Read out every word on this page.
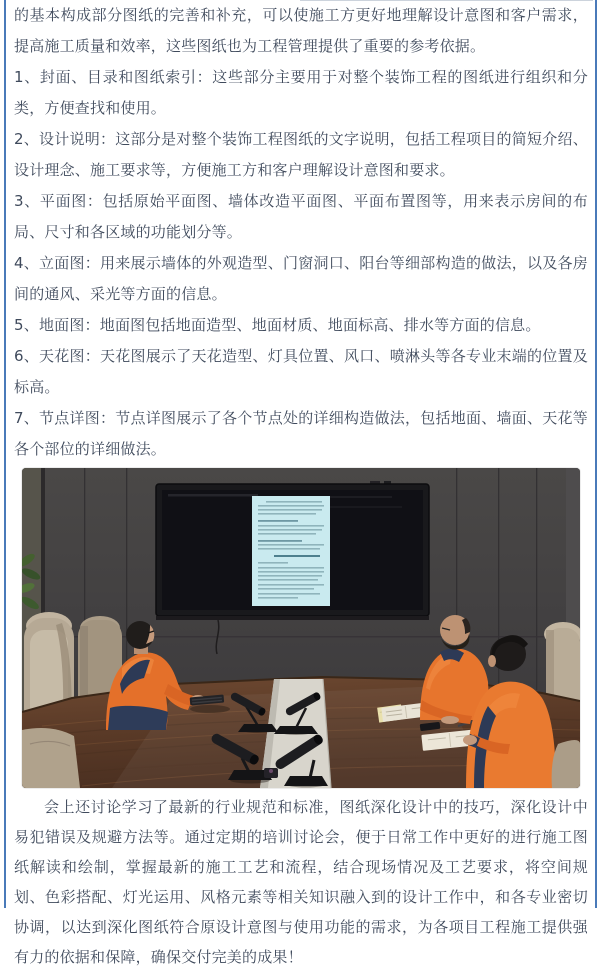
的基本构成部分图纸的完善和补充，可以使施工方更好地理解设计意图和客户需求，提高施工质量和效率，这些图纸也为工程管理提供了重要的参考依据。

1、封面、目录和图纸索引：这些部分主要用于对整个装饰工程的图纸进行组织和分类，方便查找和使用。

2、设计说明：这部分是对整个装饰工程图纸的文字说明，包括工程项目的简短介绍、设计理念、施工要求等，方便施工方和客户理解设计意图和要求。

3、平面图：包括原始平面图、墙体改造平面图、平面布置图等，用来表示房间的布局、尺寸和各区域的功能划分等。

4、立面图：用来展示墙体的外观造型、门窗洞口、阳台等细部构造的做法，以及各房间的通风、采光等方面的信息。

5、地面图：地面图包括地面造型、地面材质、地面标高、排水等方面的信息。

6、天花图：天花图展示了天花造型、灯具位置、风口、喷淋头等各专业末端的位置及标高。

7、节点详图：节点详图展示了各个节点处的详细构造做法，包括地面、墙面、天花等各个部位的详细做法。

会上还讨论学习了最新的行业规范和标准，图纸深化设计中的技巧，深化设计中易犯错误及规避方法等。通过定期的培训讨论会，便于日常工作中更好的进行施工图纸解读和绘制，掌握最新的施工工艺和流程，结合现场情况及工艺要求，将空间规划、色彩搭配、灯光运用、风格元素等相关知识融入到的设计工作中，和各专业密切协调，以达到深化图纸符合原设计意图与使用功能的需求，为各项目工程施工提供强有力的依据和保障，确保交付完美的成果！
